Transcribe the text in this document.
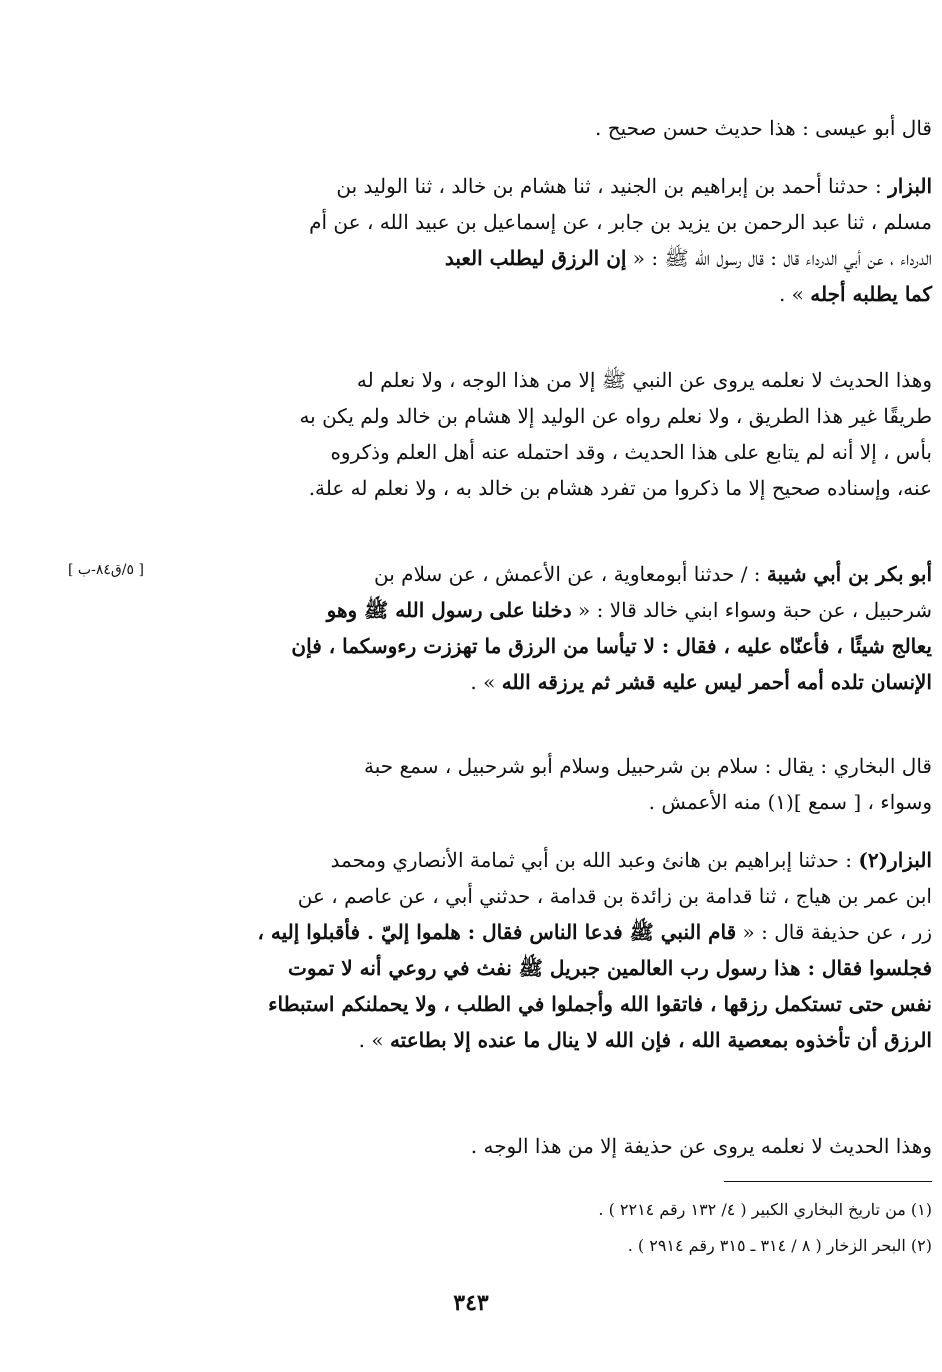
قال أبو عيسى : هذا حديث حسن صحيح .
البزار : حدثنا أحمد بن إبراهيم بن الجنيد ، ثنا هشام بن خالد ، ثنا الوليد بن
مسلم ، ثنا عبد الرحمن بن يزيد بن جابر ، عن إسماعيل بن عبيد الله ، عن أم
الدرداء ، عن أبي الدرداء قال : قال رسول الله ﷺ : « إن الرزق ليطلب العبد
كما يطلبه أجله » .
وهذا الحديث لا نعلمه يروى عن النبي ﷺ إلا من هذا الوجه ، ولا نعلم له
طريقًا غير هذا الطريق ، ولا نعلم رواه عن الوليد إلا هشام بن خالد ولم يكن به
بأس ، إلا أنه لم يتابع على هذا الحديث ، وقد احتمله عنه أهل العلم وذكروه
عنه، وإسناده صحيح إلا ما ذكروا من تفرد هشام بن خالد به ، ولا نعلم له علة.
أبو بكر بن أبي شيبة : / حدثنا أبومعاوية ، عن الأعمش ، عن سلام بن
شرحبيل ، عن حبة وسواء ابني خالد قالا : « دخلنا على رسول الله ﷺ وهو
يعالج شيئًا ، فأعنّاه عليه ، فقال : لا تيأسا من الرزق ما تهززت رءوسكما ، فإن
الإنسان تلده أمه أحمر ليس عليه قشر ثم يرزقه الله » .
قال البخاري : يقال : سلام بن شرحبيل وسلام أبو شرحبيل ، سمع حبة
وسواء ، [ سمع ](١) منه الأعمش .
البزار(٢) : حدثنا إبراهيم بن هانئ وعبد الله بن أبي ثمامة الأنصاري ومحمد
ابن عمر بن هياج ، ثنا قدامة بن زائدة بن قدامة ، حدثني أبي ، عن عاصم ، عن
زر ، عن حذيفة قال : « قام النبي ﷺ فدعا الناس فقال : هلموا إليّ . فأقبلوا إليه ،
فجلسوا فقال : هذا رسول رب العالمين جبريل ﷺ نفث في روعي أنه لا تموت
نفس حتى تستكمل رزقها ، فاتقوا الله وأجملوا في الطلب ، ولا يحملنكم استبطاء
الرزق أن تأخذوه بمعصية الله ، فإن الله لا ينال ما عنده إلا بطاعته » .
وهذا الحديث لا نعلمه يروى عن حذيفة إلا من هذا الوجه .
[ ٥/ق٨٤-ب ]
(١) من تاريخ البخاري الكبير ( ٤/ ١٣٢ رقم ٢٢١٤ ) .
(٢) البحر الزخار ( ٨ / ٣١٤ ـ ٣١٥ رقم ٢٩١٤ ) .
٣٤٣
